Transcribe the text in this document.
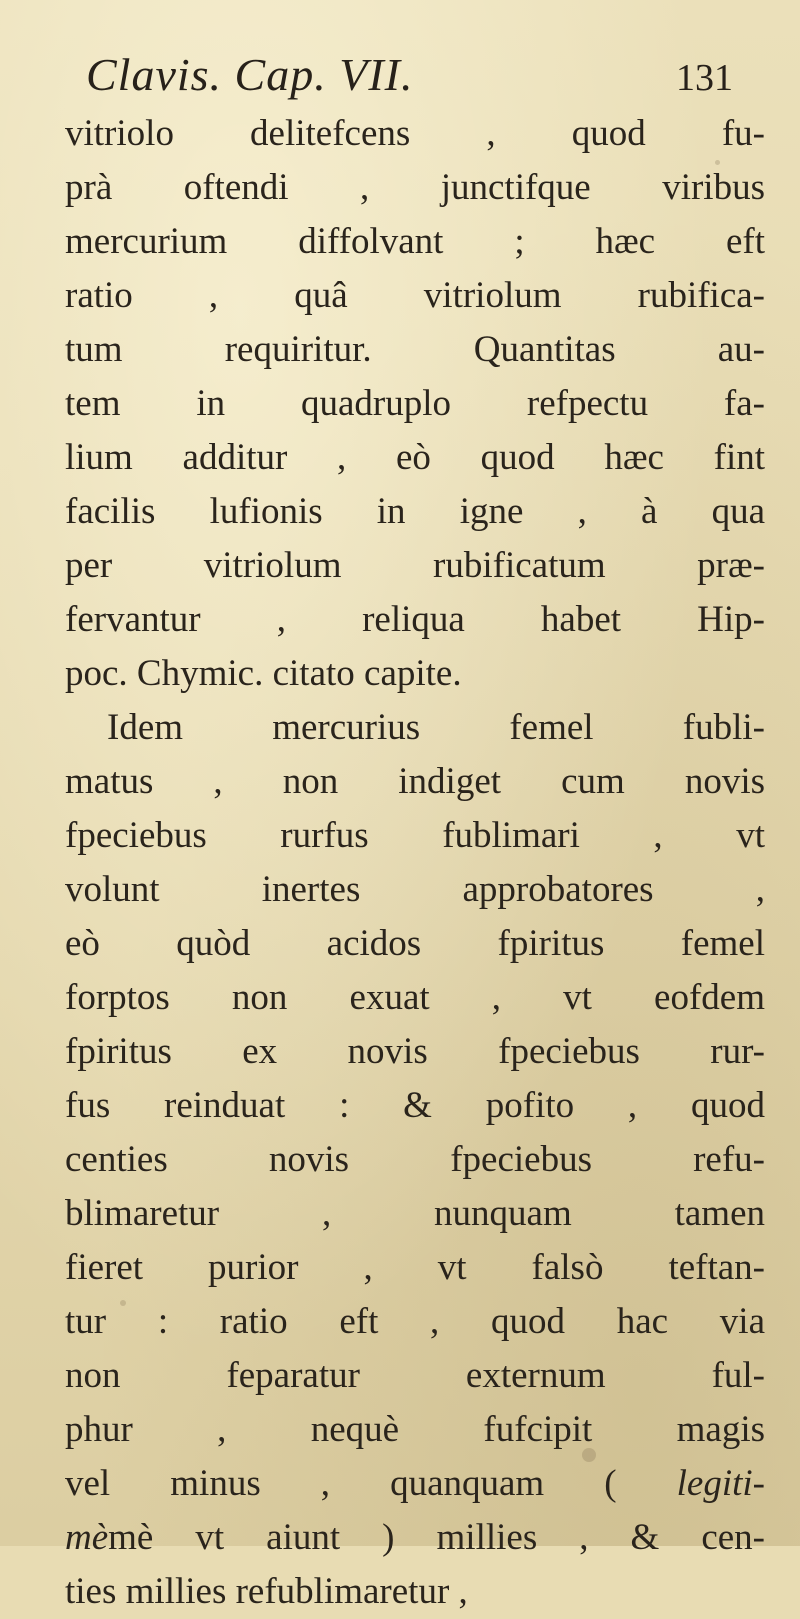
Clavis. Cap. VII.	131
vitriolo delitefcens , quod fu-
prà oftendi , junctifque viribus
mercurium diffolvant ; hæc eft
ratio , quâ vitriolum rubifica-
tum requiritur. Quantitas au-
tem in quadruplo refpectu fa-
lium additur , eò quod hæc fint
facilis lufionis in igne , à qua
per vitriolum rubificatum præ-
fervantur , reliqua habet Hip-
poc. Chymic. citato capite.
Idem mercurius femel fubli-
matus , non indiget cum novis
fpeciebus rurfus fublimari , vt
volunt inertes approbatores ,
eò quòd acidos fpiritus femel
forptos non exuat , vt eofdem
fpiritus ex novis fpeciebus rur-
fus reinduat : & pofito , quod
centies novis fpeciebus refu-
blimaretur , nunquam tamen
fieret purior , vt falsò teftan-
tur : ratio eft , quod hac via
non feparatur externum ful-
phur , nequè fufcipit magis
vel minus , quanquam ( legiti-
mèmè vt aiunt ) millies , & cen-
ties millies refublimaretur ,
